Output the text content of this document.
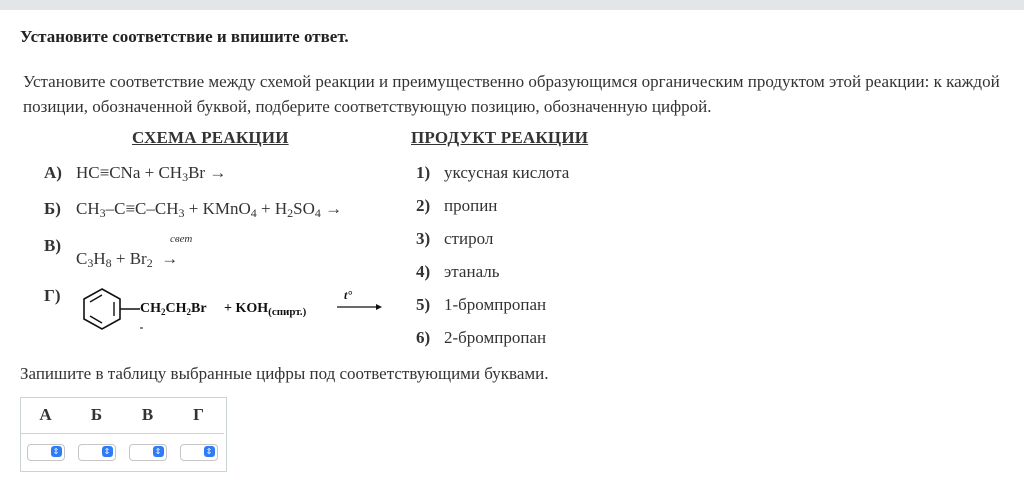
Установите соответствие и впишите ответ.
Установите соответствие между схемой реакции и преимущественно образующимся органическим продуктом этой реакции: к каждой позиции, обозначенной буквой, подберите соответствующую позицию, обозначенную цифрой.
СХЕМА РЕАКЦИИ	ПРОДУКТ РЕАКЦИИ
А) $HC\equiv CNa + CH_3Br$ →
Б) $CH_3-C\equiv C-CH_3$ + KMnO$_4$ + $H_2SO_4$ →
В)	свет
$C_3H_8 + Br_2$  →
Г)
$CH_2CH_2Br + KOH_{(спирт.)}$
t°
1) уксусная кислота
2) пропин
3) стирол
4) этаналь
5) 1-бромпропан
6) 2-бромпропан
Запишите в таблицу выбранные цифры под соответствующими буквами.
А	Б	В	Г

⇕	⇕	⇕	⇕
